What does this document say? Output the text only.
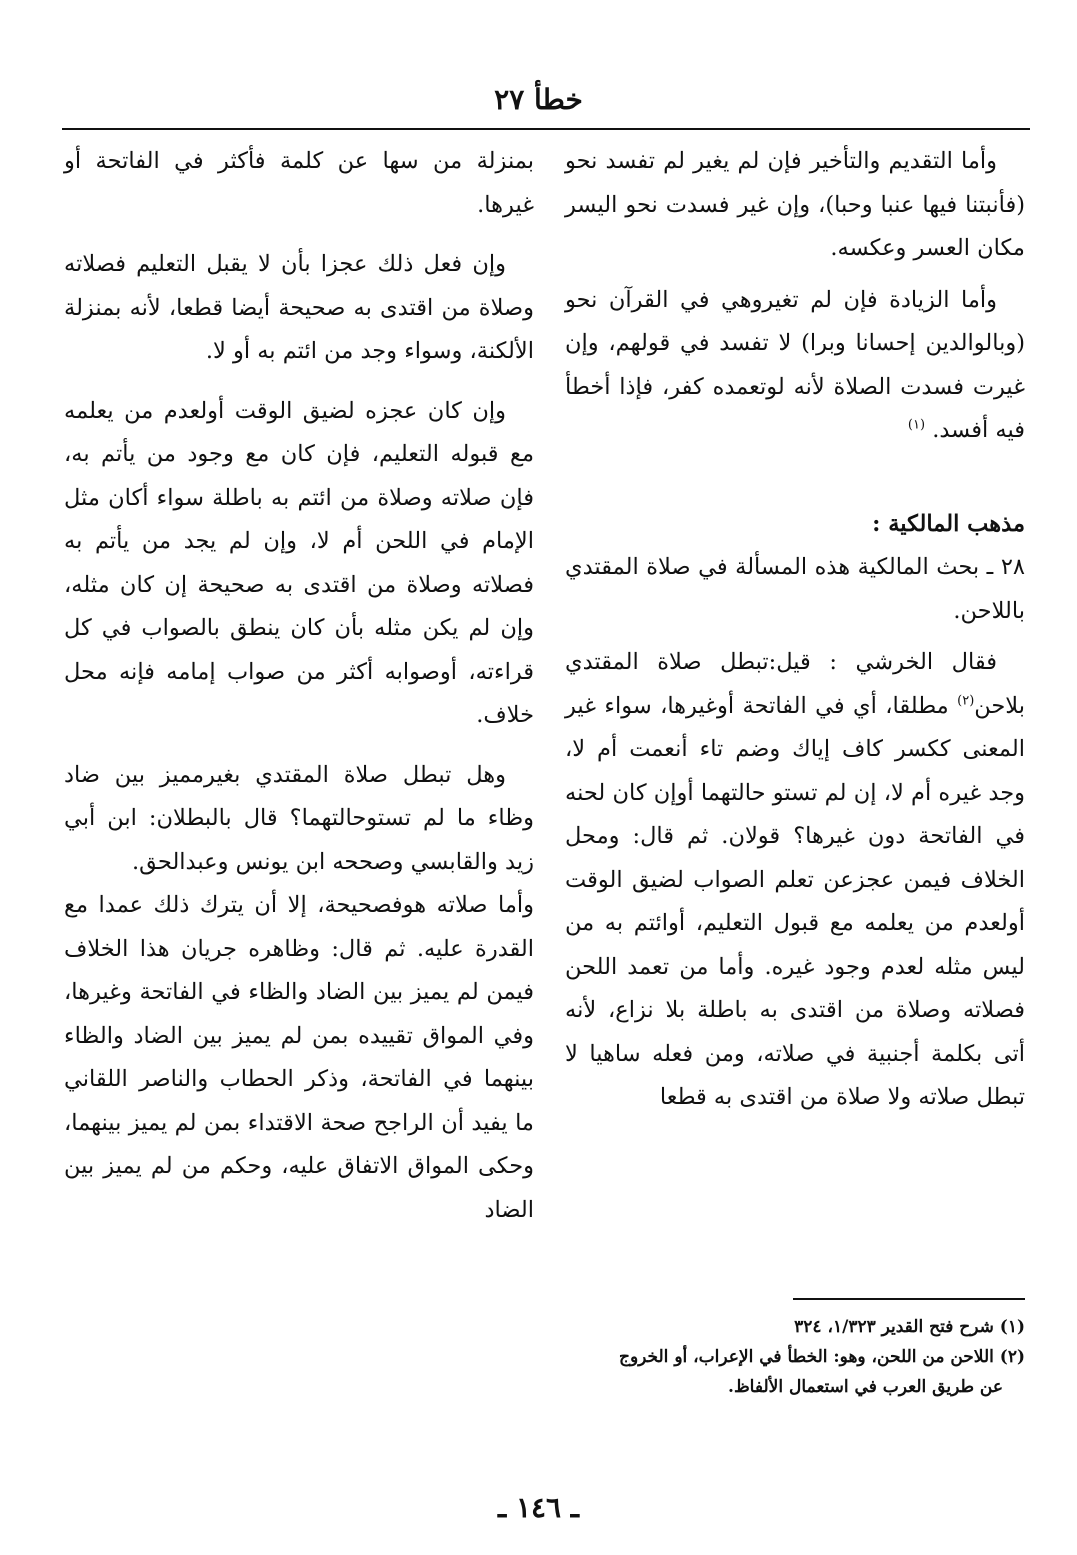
خطأ ٢٧

وأما التقديم والتأخير فإن لم يغير لم تفسد نحو (فأنبتنا فيها عنبا وحبا)، وإن غير فسدت نحو اليسر مكان العسر وعكسه.

وأما الزيادة فإن لم تغيروهي في القرآن نحو (وبالوالدين إحسانا وبرا) لا تفسد في قولهم، وإن غيرت فسدت الصلاة لأنه لوتعمده كفر، فإذا أخطأ فيه أفسد. $^{(١)}$

مذهب المالكية :

٢٨ ـ بحث المالكية هذه المسألة في صلاة المقتدي باللاحن.

فقال الخرشي : قيل:تبطل صلاة المقتدي بلاحن$^{(٢)}$ مطلقا، أي في الفاتحة أوغيرها، سواء غير المعنى ككسر كاف إياك وضم تاء أنعمت أم لا، وجد غيره أم لا، إن لم تستو حالتهما أوإن كان لحنه في الفاتحة دون غيرها؟ قولان. ثم قال: ومحل الخلاف فيمن عجزعن تعلم الصواب لضيق الوقت أولعدم من يعلمه مع قبول التعليم، أوائتم به من ليس مثله لعدم وجود غيره. وأما من تعمد اللحن فصلاته وصلاة من اقتدى به باطلة بلا نزاع، لأنه أتى بكلمة أجنبية في صلاته، ومن فعله ساهيا لا تبطل صلاته ولا صلاة من اقتدى به قطعا

بمنزلة من سها عن كلمة فأكثر في الفاتحة أو غيرها.

وإن فعل ذلك عجزا بأن لا يقبل التعليم فصلاته وصلاة من اقتدى به صحيحة أيضا قطعا، لأنه بمنزلة الألكنة، وسواء وجد من ائتم به أو لا.

وإن كان عجزه لضيق الوقت أولعدم من يعلمه مع قبوله التعليم، فإن كان مع وجود من يأتم به، فإن صلاته وصلاة من ائتم به باطلة سواء أكان مثل الإمام في اللحن أم لا، وإن لم يجد من يأتم به فصلاته وصلاة من اقتدى به صحيحة إن كان مثله، وإن لم يكن مثله بأن كان ينطق بالصواب في كل قراءته، أوصوابه أكثر من صواب إمامه فإنه محل خلاف.

وهل تبطل صلاة المقتدي بغيرمميز بين ضاد وظاء ما لم تستوحالتهما؟ قال بالبطلان: ابن أبي زيد والقابسي وصححه ابن يونس وعبدالحق.

وأما صلاته هوفصحيحة، إلا أن يترك ذلك عمدا مع القدرة عليه. ثم قال: وظاهره جريان هذا الخلاف فيمن لم يميز بين الضاد والظاء في الفاتحة وغيرها، وفي المواق تقييده بمن لم يميز بين الضاد والظاء بينهما في الفاتحة، وذكر الحطاب والناصر اللقاني ما يفيد أن الراجح صحة الاقتداء بمن لم يميز بينهما، وحكى المواق الاتفاق عليه، وحكم من لم يميز بين الضاد

(١) شرح فتح القدير ١/٣٢٣، ٣٢٤

(٢) اللاحن من اللحن، وهو: الخطأ في الإعراب، أو الخروج

عن طريق العرب في استعمال الألفاظ.

ـ ١٤٦ ـ
